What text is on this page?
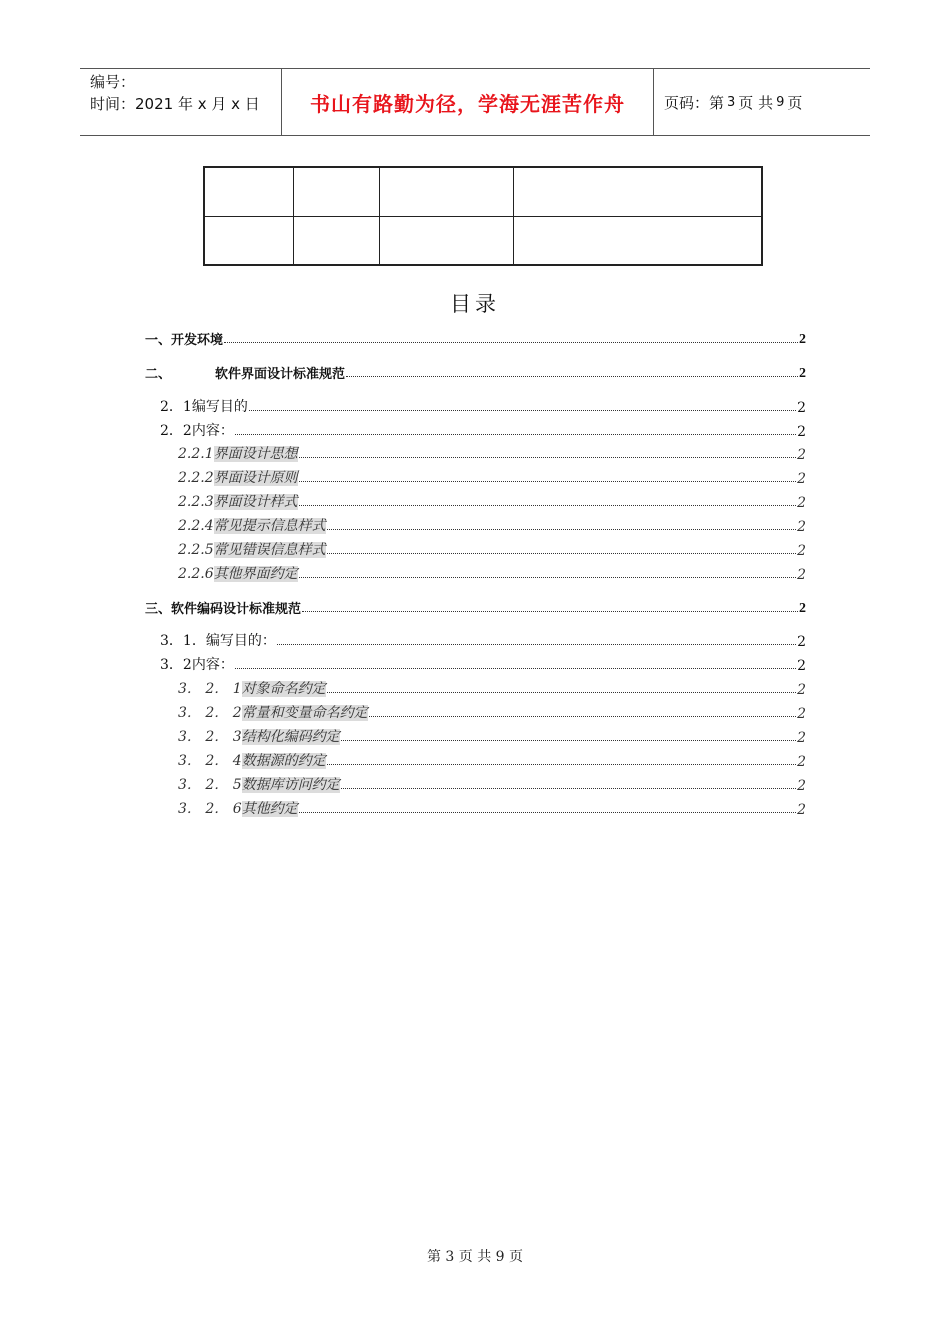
编号：
时间：2021 年 x 月 x 日	书山有路勤为径，学海无涯苦作舟	页码：第 3 页 共 9 页

目录
一、开发环境	2
二、	软件界面设计标准规范	2
2．1编写目的	2
2．2内容：	2
2.2.1界面设计思想	2
2.2.2界面设计原则	2
2.2.3界面设计样式	2
2.2.4常见提示信息样式	2
2.2.5常见错误信息样式	2
2.2.6其他界面约定	2
三、软件编码设计标准规范	2
3．1．编写目的：	2
3．2内容：	2
3． 2． 1对象命名约定	2
3． 2． 2常量和变量命名约定	2
3． 2． 3结构化编码约定	2
3． 2． 4数据源的约定	2
3． 2． 5数据库访问约定	2
3． 2． 6其他约定	2
第 3 页 共 9 页
